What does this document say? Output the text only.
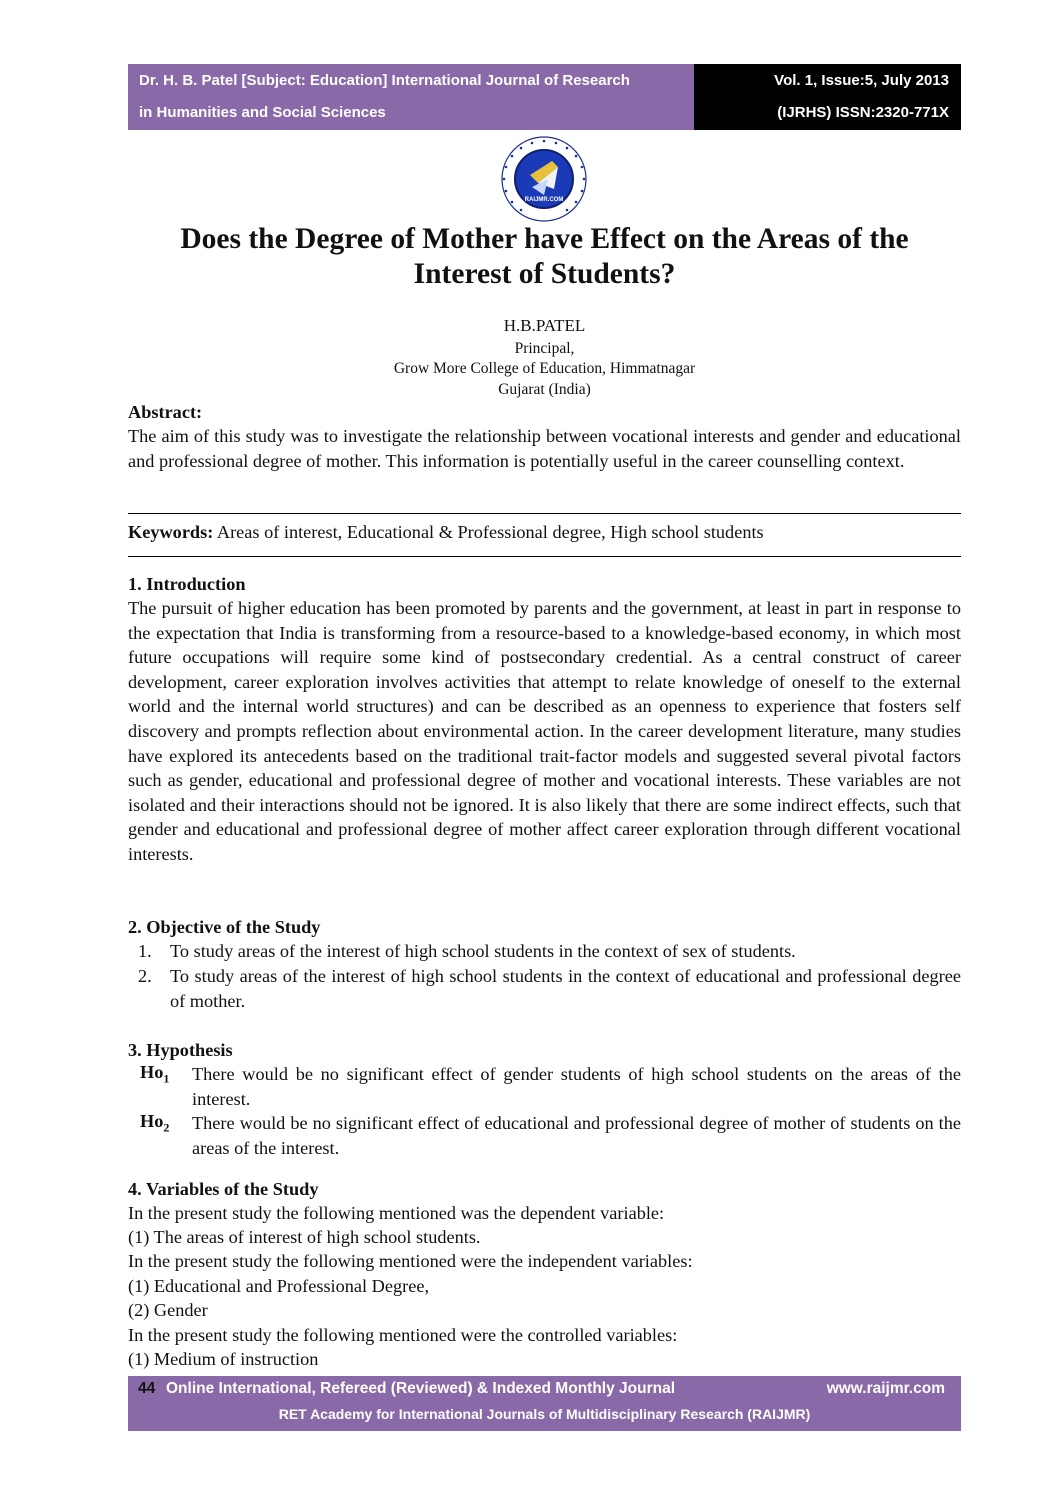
Dr. H. B. Patel [Subject: Education] International Journal of Research
in Humanities and Social Sciences
Vol. 1, Issue:5, July 2013
(IJRHS) ISSN:2320-771X
RAIJMR.COM
Does the Degree of Mother have Effect on the Areas of the
Interest of Students?
H.B.PATEL
Principal,
Grow More College of Education, Himmatnagar
Gujarat (India)
Abstract:
The aim of this study was to investigate the relationship between vocational interests and gender and educational and professional degree of mother. This information is potentially useful in the career counselling context.
Keywords: Areas of interest, Educational & Professional degree, High school students
1. Introduction
The pursuit of higher education has been promoted by parents and the government, at least in part in response to the expectation that India is transforming from a resource-based to a knowledge-based economy, in which most future occupations will require some kind of postsecondary credential. As a central construct of career development, career exploration involves activities that attempt to relate knowledge of oneself to the external world and the internal world structures) and can be described as an openness to experience that fosters self discovery and prompts reflection about environmental action. In the career development literature, many studies have explored its antecedents based on the traditional trait-factor models and suggested several pivotal factors such as gender, educational and professional degree of mother and vocational interests. These variables are not isolated and their interactions should not be ignored. It is also likely that there are some indirect effects, such that gender and educational and professional degree of mother affect career exploration through different vocational interests.
2. Objective of the Study
1. To study areas of the interest of high school students in the context of sex of students.
2. To study areas of the interest of high school students in the context of educational and professional degree of mother.
3. Hypothesis
$Ho_1$ There would be no significant effect of gender students of high school students on the areas of the interest.
$Ho_2$ There would be no significant effect of educational and professional degree of mother of students on the areas of the interest.
4. Variables of the Study
In the present study the following mentioned was the dependent variable:
(1) The areas of interest of high school students.
In the present study the following mentioned were the independent variables:
(1) Educational and Professional Degree,
(2) Gender
In the present study the following mentioned were the controlled variables:
(1) Medium of instruction
44 Online International, Refereed (Reviewed) & Indexed Monthly Journal	www.raijmr.com
RET Academy for International Journals of Multidisciplinary Research (RAIJMR)
